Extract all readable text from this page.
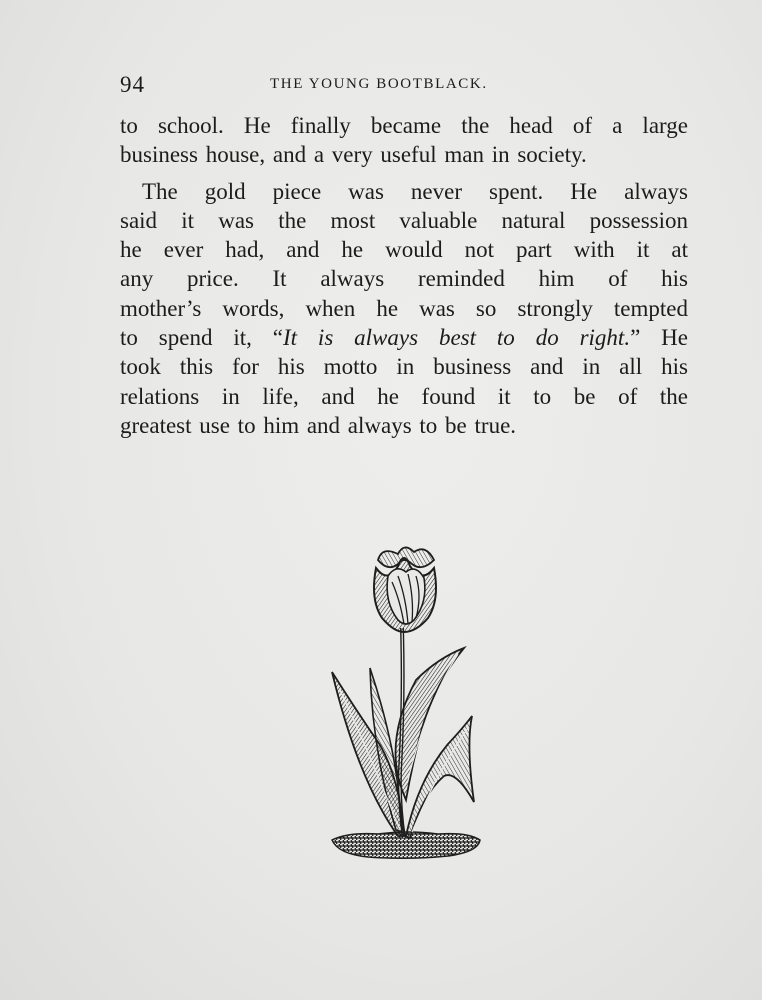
94	THE YOUNG BOOTBLACK.

to school. He finally became the head of a large
business house, and a very useful man in society.

The gold piece was never spent. He always
said it was the most valuable natural possession
he ever had, and he would not part with it at
any price. It always reminded him of his
mother’s words, when he was so strongly tempted
to spend it, “It is always best to do right.” He
took this for his motto in business and in all his
relations in life, and he found it to be of the
greatest use to him and always to be true.
